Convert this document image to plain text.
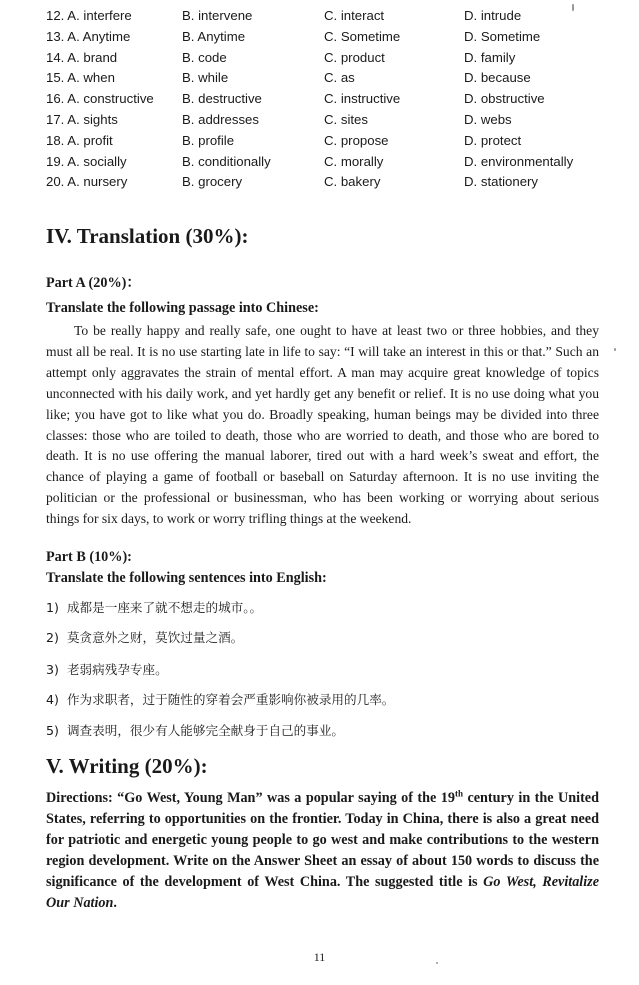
12. A. interfere	B. intervene	C. interact	D. intrude
13. A. Anytime	B. Anytime	C. Sometime	D. Sometime
14. A. brand	B. code	C. product	D. family
15. A. when	B. while	C. as	D. because
16. A. constructive B. destructive	C. instructive	D. obstructive
17. A. sights	B. addresses	C. sites	D. webs
18. A. profit	B. profile	C. propose	D. protect
19. A. socially	B. conditionally	C. morally	D. environmentally
20. A. nursery	B. grocery	C. bakery	D. stationery
IV. Translation (30%):
Part A (20%)：
Translate the following passage into Chinese:

To be really happy and really safe, one ought to have at least two or three hobbies, and they must all be real. It is no use starting late in life to say: “I will take an interest in this or that.” Such an attempt only aggravates the strain of mental effort. A man may acquire great knowledge of topics unconnected with his daily work, and yet hardly get any benefit or relief. It is no use doing what you like; you have got to like what you do. Broadly speaking, human beings may be divided into three classes: those who are toiled to death, those who are worried to death, and those who are bored to death. It is no use offering the manual laborer, tired out with a hard week’s sweat and effort, the chance of playing a game of football or baseball on Saturday afternoon. It is no use inviting the politician or the professional or businessman, who has been working or worrying about serious things for six days, to work or worry trifling things at the weekend.

Part B (10%):
Translate the following sentences into English:
1) 成都是一座来了就不想走的城市。。
2) 莫贪意外之财，莫饮过量之酒。
3) 老弱病残孕专座。
4) 作为求职者，过于随性的穿着会严重影响你被录用的几率。
5) 调查表明，很少有人能够完全献身于自己的事业。
V. Writing (20%):

Directions: “Go West, Young Man” was a popular saying of the 19th century in the United States, referring to opportunities on the frontier. Today in China, there is also a great need for patriotic and energetic young people to go west and make contributions to the western region development. Write on the Answer Sheet an essay of about 150 words to discuss the significance of the development of West China. The suggested title is Go West, Revitalize Our Nation.

11
